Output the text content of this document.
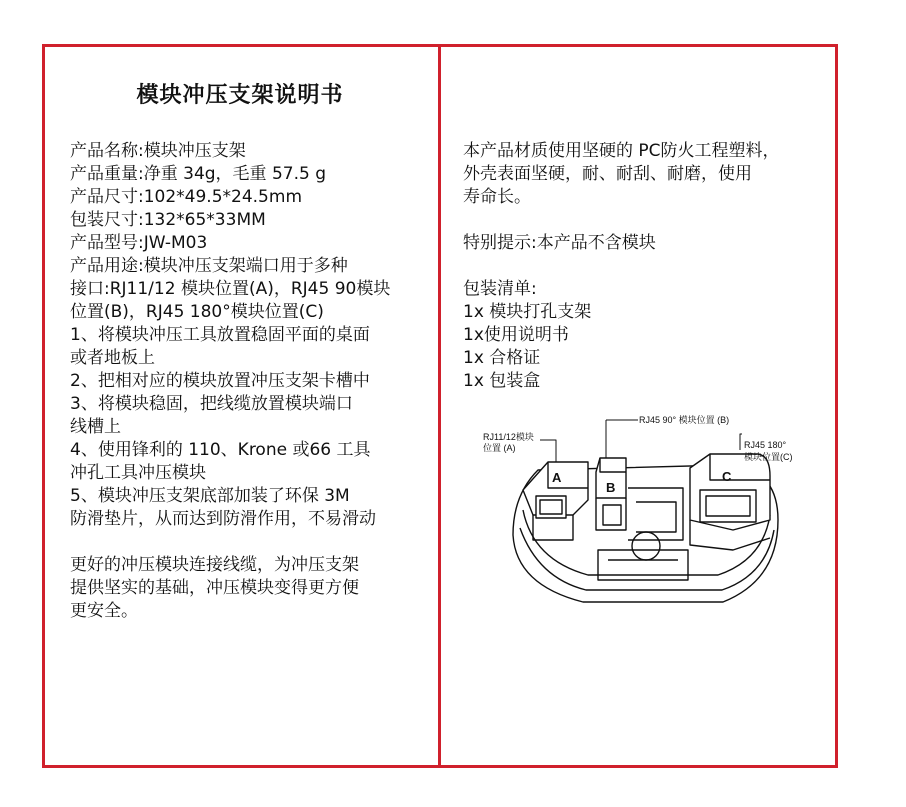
模块冲压支架说明书

产品名称:模块冲压支架

产品重量:净重 34g，毛重 57.5 g

产品尺寸:102*49.5*24.5mm

包装尺寸:132*65*33MM

产品型号:JW-M03

产品用途:模块冲压支架端口用于多种

接口:RJ11/12 模块位置(A)，RJ45 90模块

位置(B)，RJ45 180°模块位置(C)

1、将模块冲压工具放置稳固平面的桌面

或者地板上

2、把相对应的模块放置冲压支架卡槽中

3、将模块稳固，把线缆放置模块端口

线槽上

4、使用锋利的 110、Krone 或66 工具

冲孔工具冲压模块

5、模块冲压支架底部加装了环保 3M

防滑垫片，从而达到防滑作用，不易滑动

更好的冲压模块连接线缆，为冲压支架

提供坚实的基础，冲压模块变得更方便

更安全。

本产品材质使用坚硬的 PC防火工程塑料，

外壳表面坚硬，耐、耐刮、耐磨，使用

寿命长。

特别提示:本产品不含模块

包装清单:

1x 模块打孔支架

1x使用说明书

1x 合格证

1x 包装盒

RJ11/12模块
位置 (A)
RJ45 90° 模块位置 (B)
RJ45 180°
模块位置(C)
A
B
C
